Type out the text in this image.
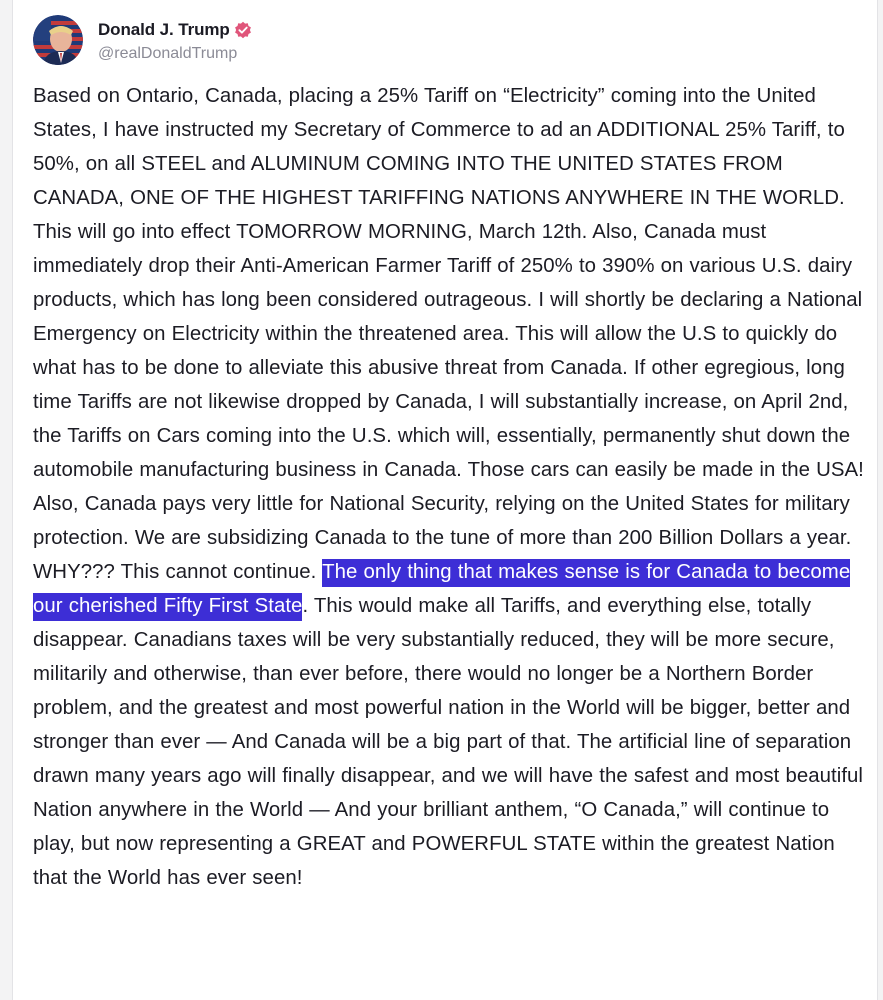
Donald J. Trump
@realDonaldTrump

Based on Ontario, Canada, placing a 25% Tariff on “Electricity” coming into the United States, I have instructed my Secretary of Commerce to ad an ADDITIONAL 25% Tariff, to 50%, on all STEEL and ALUMINUM COMING INTO THE UNITED STATES FROM CANADA, ONE OF THE HIGHEST TARIFFING NATIONS ANYWHERE IN THE WORLD. This will go into effect TOMORROW MORNING, March 12th. Also, Canada must immediately drop their Anti-American Farmer Tariff of 250% to 390% on various U.S. dairy products, which has long been considered outrageous. I will shortly be declaring a National Emergency on Electricity within the threatened area. This will allow the U.S to quickly do what has to be done to alleviate this abusive threat from Canada. If other egregious, long time Tariffs are not likewise dropped by Canada, I will substantially increase, on April 2nd, the Tariffs on Cars coming into the U.S. which will, essentially, permanently shut down the automobile manufacturing business in Canada. Those cars can easily be made in the USA! Also, Canada pays very little for National Security, relying on the United States for military protection. We are subsidizing Canada to the tune of more than 200 Billion Dollars a year. WHY??? This cannot continue. The only thing that makes sense is for Canada to become our cherished Fifty First State. This would make all Tariffs, and everything else, totally disappear. Canadians taxes will be very substantially reduced, they will be more secure, militarily and otherwise, than ever before, there would no longer be a Northern Border problem, and the greatest and most powerful nation in the World will be bigger, better and stronger than ever — And Canada will be a big part of that. The artificial line of separation drawn many years ago will finally disappear, and we will have the safest and most beautiful Nation anywhere in the World — And your brilliant anthem, “O Canada,” will continue to play, but now representing a GREAT and POWERFUL STATE within the greatest Nation that the World has ever seen!
